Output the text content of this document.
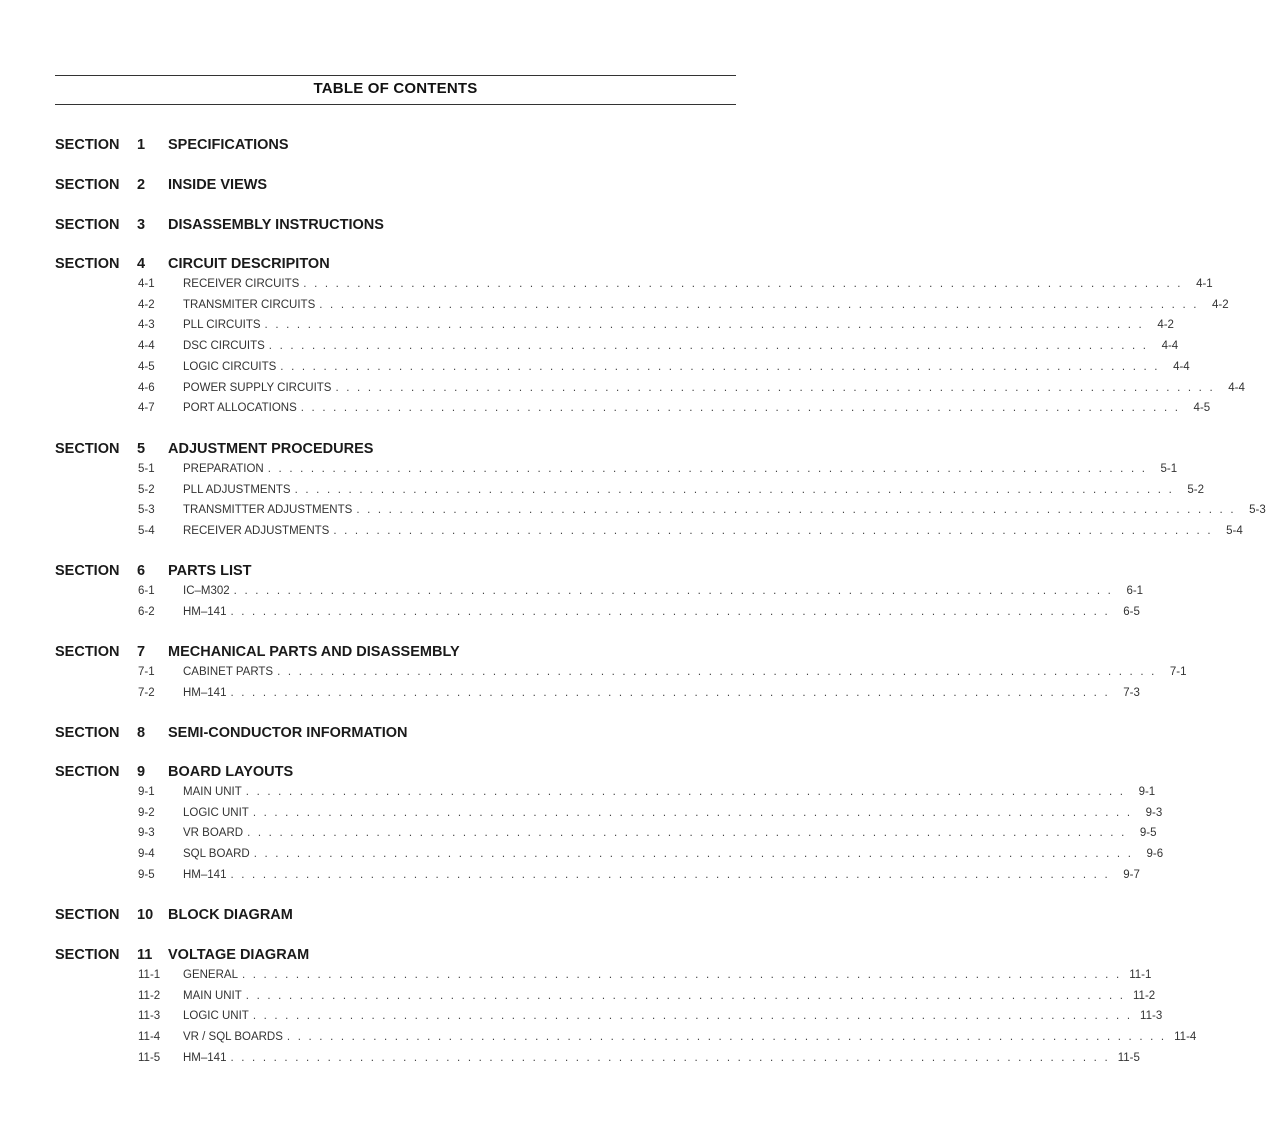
TABLE OF CONTENTS
SECTION 1 SPECIFICATIONS
SECTION 2 INSIDE VIEWS
SECTION 3 DISASSEMBLY INSTRUCTIONS
SECTION 4 CIRCUIT DESCRIPITON
4-1 RECEIVER CIRCUITS . . . . . . . . . . . . . . . . . . . . . . . . . . . . . . . . . . . . . . . . . . . . . . . . . . . . . . . . . . . . . . . . . . . . . . . . . . . . . . . . . .	4-1
4-2 TRANSMITER CIRCUITS . . . . . . . . . . . . . . . . . . . . . . . . . . . . . . . . . . . . . . . . . . . . . . . . . . . . . . . . . . . . . . . . . . . . . . . . . . . . . . . . . .	4-2
4-3 PLL CIRCUITS . . . . . . . . . . . . . . . . . . . . . . . . . . . . . . . . . . . . . . . . . . . . . . . . . . . . . . . . . . . . . . . . . . . . . . . . . . . . . . . . . .	4-2
4-4 DSC CIRCUITS . . . . . . . . . . . . . . . . . . . . . . . . . . . . . . . . . . . . . . . . . . . . . . . . . . . . . . . . . . . . . . . . . . . . . . . . . . . . . . . . . .	4-4
4-5 LOGIC CIRCUITS . . . . . . . . . . . . . . . . . . . . . . . . . . . . . . . . . . . . . . . . . . . . . . . . . . . . . . . . . . . . . . . . . . . . . . . . . . . . . . . . . .	4-4
4-6 POWER SUPPLY CIRCUITS . . . . . . . . . . . . . . . . . . . . . . . . . . . . . . . . . . . . . . . . . . . . . . . . . . . . . . . . . . . . . . . . . . . . . . . . . . . . . . . . . .	4-4
4-7 PORT ALLOCATIONS . . . . . . . . . . . . . . . . . . . . . . . . . . . . . . . . . . . . . . . . . . . . . . . . . . . . . . . . . . . . . . . . . . . . . . . . . . . . . . . . . .	4-5
SECTION 5 ADJUSTMENT PROCEDURES
5-1 PREPARATION . . . . . . . . . . . . . . . . . . . . . . . . . . . . . . . . . . . . . . . . . . . . . . . . . . . . . . . . . . . . . . . . . . . . . . . . . . . . . . . . . .	5-1
5-2 PLL ADJUSTMENTS . . . . . . . . . . . . . . . . . . . . . . . . . . . . . . . . . . . . . . . . . . . . . . . . . . . . . . . . . . . . . . . . . . . . . . . . . . . . . . . . . .	5-2
5-3 TRANSMITTER ADJUSTMENTS . . . . . . . . . . . . . . . . . . . . . . . . . . . . . . . . . . . . . . . . . . . . . . . . . . . . . . . . . . . . . . . . . . . . . . . . . . . . . . . . . .	5-3
5-4 RECEIVER ADJUSTMENTS . . . . . . . . . . . . . . . . . . . . . . . . . . . . . . . . . . . . . . . . . . . . . . . . . . . . . . . . . . . . . . . . . . . . . . . . . . . . . . . . . .	5-4
SECTION 6 PARTS LIST
6-1 IC–M302 . . . . . . . . . . . . . . . . . . . . . . . . . . . . . . . . . . . . . . . . . . . . . . . . . . . . . . . . . . . . . . . . . . . . . . . . . . . . . . . . . .	6-1
6-2 HM–141 . . . . . . . . . . . . . . . . . . . . . . . . . . . . . . . . . . . . . . . . . . . . . . . . . . . . . . . . . . . . . . . . . . . . . . . . . . . . . . . . . .	6-5
SECTION 7 MECHANICAL PARTS AND DISASSEMBLY
7-1 CABINET PARTS . . . . . . . . . . . . . . . . . . . . . . . . . . . . . . . . . . . . . . . . . . . . . . . . . . . . . . . . . . . . . . . . . . . . . . . . . . . . . . . . . .	7-1
7-2 HM–141 . . . . . . . . . . . . . . . . . . . . . . . . . . . . . . . . . . . . . . . . . . . . . . . . . . . . . . . . . . . . . . . . . . . . . . . . . . . . . . . . . .	7-3
SECTION 8 SEMI-CONDUCTOR INFORMATION
SECTION 9 BOARD LAYOUTS
9-1 MAIN UNIT . . . . . . . . . . . . . . . . . . . . . . . . . . . . . . . . . . . . . . . . . . . . . . . . . . . . . . . . . . . . . . . . . . . . . . . . . . . . . . . . . .	9-1
9-2 LOGIC UNIT . . . . . . . . . . . . . . . . . . . . . . . . . . . . . . . . . . . . . . . . . . . . . . . . . . . . . . . . . . . . . . . . . . . . . . . . . . . . . . . . . .	9-3
9-3 VR BOARD . . . . . . . . . . . . . . . . . . . . . . . . . . . . . . . . . . . . . . . . . . . . . . . . . . . . . . . . . . . . . . . . . . . . . . . . . . . . . . . . . .	9-5
9-4 SQL BOARD . . . . . . . . . . . . . . . . . . . . . . . . . . . . . . . . . . . . . . . . . . . . . . . . . . . . . . . . . . . . . . . . . . . . . . . . . . . . . . . . . .	9-6
9-5 HM–141 . . . . . . . . . . . . . . . . . . . . . . . . . . . . . . . . . . . . . . . . . . . . . . . . . . . . . . . . . . . . . . . . . . . . . . . . . . . . . . . . . .	9-7
SECTION 10 BLOCK DIAGRAM
SECTION 11 VOLTAGE DIAGRAM
11-1 GENERAL . . . . . . . . . . . . . . . . . . . . . . . . . . . . . . . . . . . . . . . . . . . . . . . . . . . . . . . . . . . . . . . . . . . . . . . . . . . . . . . . . . 11-1
11-2 MAIN UNIT . . . . . . . . . . . . . . . . . . . . . . . . . . . . . . . . . . . . . . . . . . . . . . . . . . . . . . . . . . . . . . . . . . . . . . . . . . . . . . . . . . 11-2
11-3 LOGIC UNIT . . . . . . . . . . . . . . . . . . . . . . . . . . . . . . . . . . . . . . . . . . . . . . . . . . . . . . . . . . . . . . . . . . . . . . . . . . . . . . . . . . 11-3
11-4 VR / SQL BOARDS . . . . . . . . . . . . . . . . . . . . . . . . . . . . . . . . . . . . . . . . . . . . . . . . . . . . . . . . . . . . . . . . . . . . . . . . . . . . . . . . . . 11-4
11-5 HM–141 . . . . . . . . . . . . . . . . . . . . . . . . . . . . . . . . . . . . . . . . . . . . . . . . . . . . . . . . . . . . . . . . . . . . . . . . . . . . . . . . . . 11-5
